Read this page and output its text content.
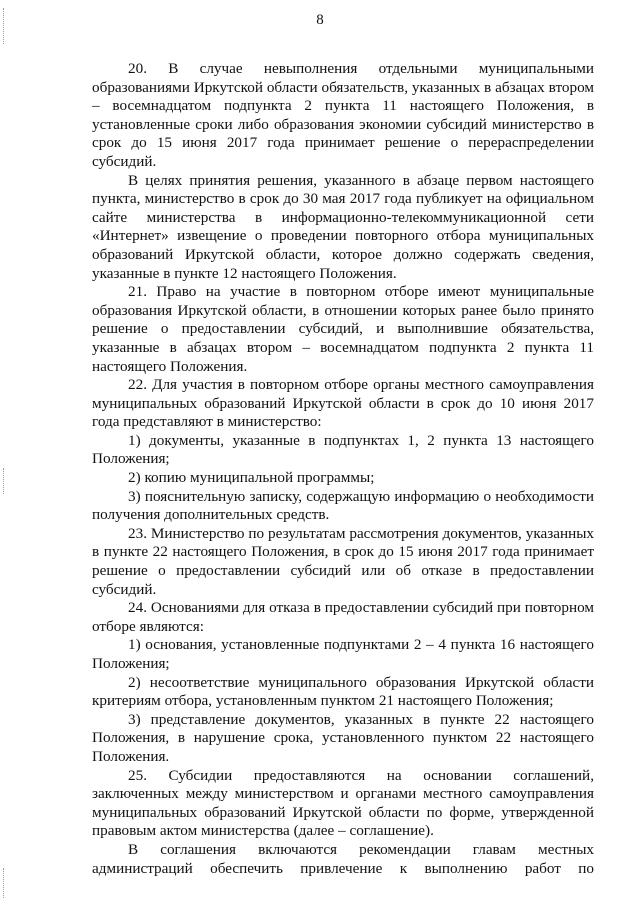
8

20. В случае невыполнения отдельными муниципальными образованиями Иркутской области обязательств, указанных в абзацах втором – восемнадцатом подпункта 2 пункта 11 настоящего Положения, в установленные сроки либо образования экономии субсидий министерство в срок до 15 июня 2017 года принимает решение о перераспределении субсидий.

В целях принятия решения, указанного в абзаце первом настоящего пункта, министерство в срок до 30 мая 2017 года публикует на официальном сайте министерства в информационно-телекоммуникационной сети «Интернет» извещение о проведении повторного отбора муниципальных образований Иркутской области, которое должно содержать сведения, указанные в пункте 12 настоящего Положения.

21. Право на участие в повторном отборе имеют муниципальные образования Иркутской области, в отношении которых ранее было принято решение о предоставлении субсидий, и выполнившие обязательства, указанные в абзацах втором – восемнадцатом подпункта 2 пункта 11 настоящего Положения.

22. Для участия в повторном отборе органы местного самоуправления муниципальных образований Иркутской области в срок до 10 июня 2017 года представляют в министерство:

1) документы, указанные в подпунктах 1, 2 пункта 13 настоящего Положения;

2) копию муниципальной программы;

3) пояснительную записку, содержащую информацию о необходимости получения дополнительных средств.

23. Министерство по результатам рассмотрения документов, указанных в пункте 22 настоящего Положения, в срок до 15 июня 2017 года принимает решение о предоставлении субсидий или об отказе в предоставлении субсидий.

24. Основаниями для отказа в предоставлении субсидий при повторном отборе являются:

1) основания, установленные подпунктами 2 – 4 пункта 16 настоящего Положения;

2) несоответствие муниципального образования Иркутской области критериям отбора, установленным пунктом 21 настоящего Положения;

3) представление документов, указанных в пункте 22 настоящего Положения, в нарушение срока, установленного пунктом 22 настоящего Положения.

25. Субсидии предоставляются на основании соглашений, заключенных между министерством и органами местного самоуправления муниципальных образований Иркутской области по форме, утвержденной правовым актом министерства (далее – соглашение).

В соглашения включаются рекомендации главам местных администраций обеспечить привлечение к выполнению работ по
